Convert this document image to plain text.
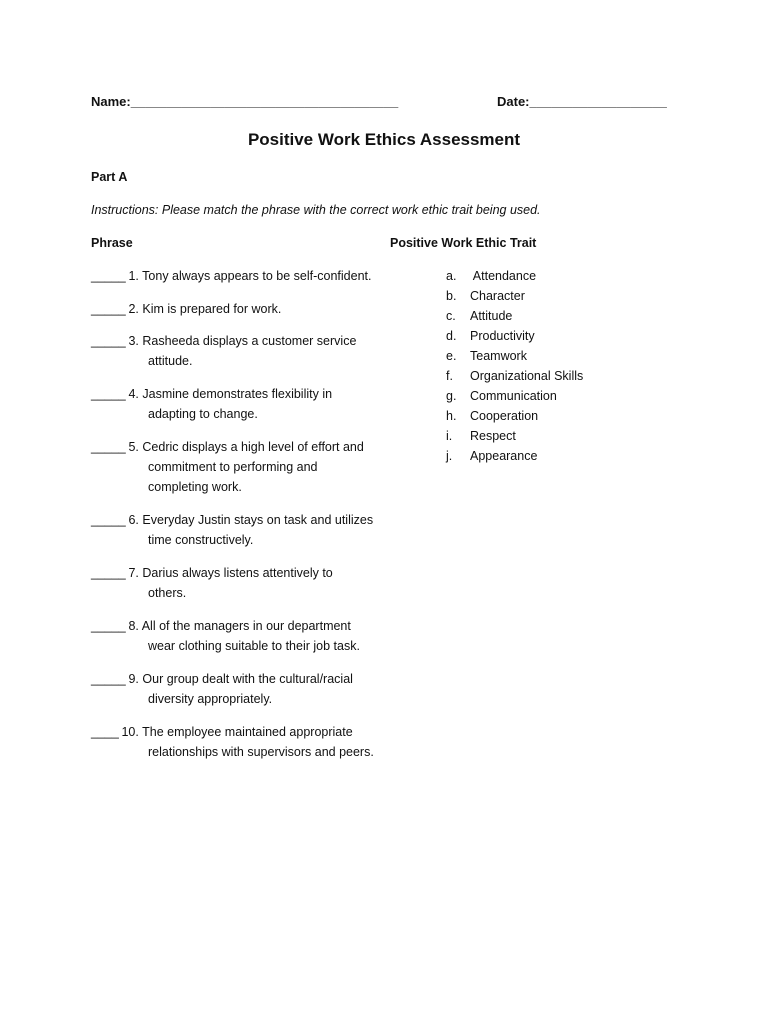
Name:_____________________________________	Date:___________________
Positive Work Ethics Assessment
Part A
Instructions: Please match the phrase with the correct work ethic trait being used.
Phrase	Positive Work Ethic Trait
_____ 1. Tony always appears to be self-confident.
_____ 2. Kim is prepared for work.
_____ 3. Rasheeda displays a customer service
attitude.
_____ 4. Jasmine demonstrates flexibility in
adapting to change.
_____ 5. Cedric displays a high level of effort and
commitment to performing and
completing work.
_____ 6. Everyday Justin stays on task and utilizes
time constructively.
_____ 7. Darius always listens attentively to
others.
_____ 8. All of the managers in our department
wear clothing suitable to their job task.
_____ 9. Our group dealt with the cultural/racial
diversity appropriately.
____ 10. The employee maintained appropriate
relationships with supervisors and peers.
a. Attendance
b. Character
c. Attitude
d. Productivity
e. Teamwork
f. Organizational Skills
g. Communication
h. Cooperation
i. Respect
j. Appearance
